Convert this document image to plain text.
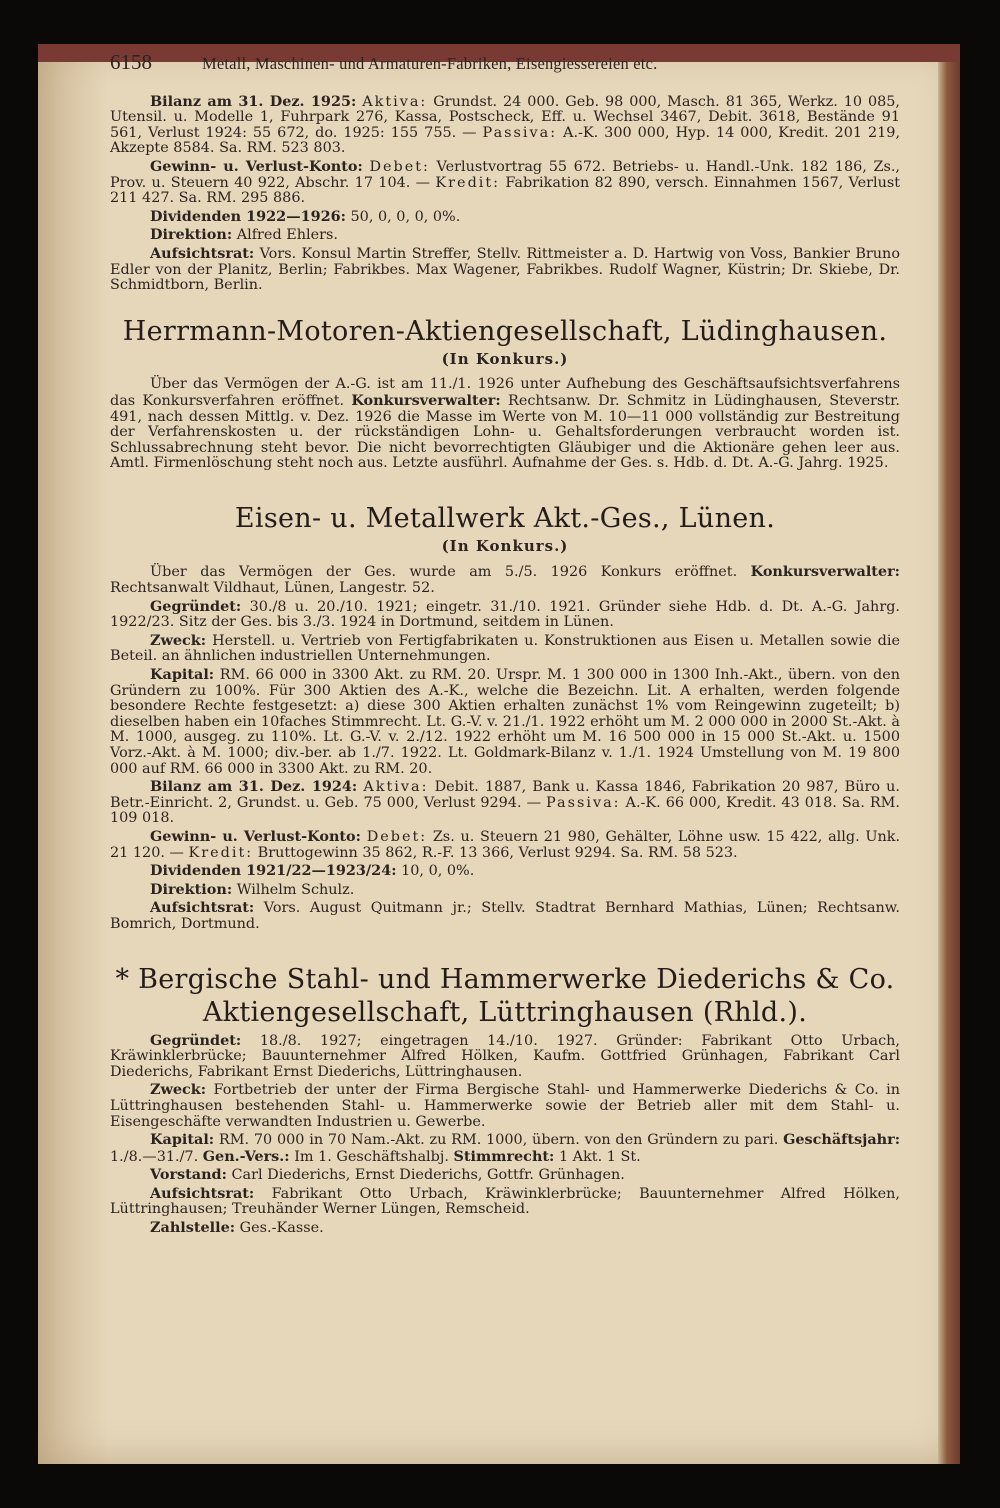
6158	Metall, Maschinen- und Armaturen-Fabriken, Eisengiessereien etc.

Bilanz am 31. Dez. 1925: Aktiva: Grundst. 24 000. Geb. 98 000, Masch. 81 365, Werkz. 10 085, Utensil. u. Modelle 1, Fuhrpark 276, Kassa, Postscheck, Eff. u. Wechsel 3467, Debit. 3618, Bestände 91 561, Verlust 1924: 55 672, do. 1925: 155 755. — Passiva: A.-K. 300 000, Hyp. 14 000, Kredit. 201 219, Akzepte 8584. Sa. RM. 523 803.

Gewinn- u. Verlust-Konto: Debet: Verlustvortrag 55 672. Betriebs- u. Handl.-Unk. 182 186, Zs., Prov. u. Steuern 40 922, Abschr. 17 104. — Kredit: Fabrikation 82 890, versch. Einnahmen 1567, Verlust 211 427. Sa. RM. 295 886.

Dividenden 1922—1926: 50, 0, 0, 0, 0%.

Direktion: Alfred Ehlers.

Aufsichtsrat: Vors. Konsul Martin Streffer, Stellv. Rittmeister a. D. Hartwig von Voss, Bankier Bruno Edler von der Planitz, Berlin; Fabrikbes. Max Wagener, Fabrikbes. Rudolf Wagner, Küstrin; Dr. Skiebe, Dr. Schmidtborn, Berlin.

Herrmann-Motoren-Aktiengesellschaft, Lüdinghausen.
(In Konkurs.)

Über das Vermögen der A.-G. ist am 11./1. 1926 unter Aufhebung des Geschäftsaufsichtsverfahrens das Konkursverfahren eröffnet. Konkursverwalter: Rechtsanw. Dr. Schmitz in Lüdinghausen, Steverstr. 491, nach dessen Mittlg. v. Dez. 1926 die Masse im Werte von M. 10—11 000 vollständig zur Bestreitung der Verfahrenskosten u. der rückständigen Lohn- u. Gehaltsforderungen verbraucht worden ist. Schlussabrechnung steht bevor. Die nicht bevorrechtigten Gläubiger und die Aktionäre gehen leer aus. Amtl. Firmenlöschung steht noch aus. Letzte ausführl. Aufnahme der Ges. s. Hdb. d. Dt. A.-G. Jahrg. 1925.

Eisen- u. Metallwerk Akt.-Ges., Lünen.
(In Konkurs.)

Über das Vermögen der Ges. wurde am 5./5. 1926 Konkurs eröffnet. Konkursverwalter: Rechtsanwalt Vildhaut, Lünen, Langestr. 52.

Gegründet: 30./8 u. 20./10. 1921; eingetr. 31./10. 1921. Gründer siehe Hdb. d. Dt. A.-G. Jahrg. 1922/23. Sitz der Ges. bis 3./3. 1924 in Dortmund, seitdem in Lünen.

Zweck: Herstell. u. Vertrieb von Fertigfabrikaten u. Konstruktionen aus Eisen u. Metallen sowie die Beteil. an ähnlichen industriellen Unternehmungen.

Kapital: RM. 66 000 in 3300 Akt. zu RM. 20. Urspr. M. 1 300 000 in 1300 Inh.-Akt., übern. von den Gründern zu 100%. Für 300 Aktien des A.-K., welche die Bezeichn. Lit. A erhalten, werden folgende besondere Rechte festgesetzt: a) diese 300 Aktien erhalten zunächst 1% vom Reingewinn zugeteilt; b) dieselben haben ein 10faches Stimmrecht. Lt. G.-V. v. 21./1. 1922 erhöht um M. 2 000 000 in 2000 St.-Akt. à M. 1000, ausgeg. zu 110%. Lt. G.-V. v. 2./12. 1922 erhöht um M. 16 500 000 in 15 000 St.-Akt. u. 1500 Vorz.-Akt. à M. 1000; div.-ber. ab 1./7. 1922. Lt. Goldmark-Bilanz v. 1./1. 1924 Umstellung von M. 19 800 000 auf RM. 66 000 in 3300 Akt. zu RM. 20.

Bilanz am 31. Dez. 1924: Aktiva: Debit. 1887, Bank u. Kassa 1846, Fabrikation 20 987, Büro u. Betr.-Einricht. 2, Grundst. u. Geb. 75 000, Verlust 9294. — Passiva: A.-K. 66 000, Kredit. 43 018. Sa. RM. 109 018.

Gewinn- u. Verlust-Konto: Debet: Zs. u. Steuern 21 980, Gehälter, Löhne usw. 15 422, allg. Unk. 21 120. — Kredit: Bruttogewinn 35 862, R.-F. 13 366, Verlust 9294. Sa. RM. 58 523.

Dividenden 1921/22—1923/24: 10, 0, 0%.

Direktion: Wilhelm Schulz.

Aufsichtsrat: Vors. August Quitmann jr.; Stellv. Stadtrat Bernhard Mathias, Lünen; Rechtsanw. Bomrich, Dortmund.

* Bergische Stahl- und Hammerwerke Diederichs & Co.
Aktiengesellschaft, Lüttringhausen (Rhld.).

Gegründet: 18./8. 1927; eingetragen 14./10. 1927. Gründer: Fabrikant Otto Urbach, Kräwinklerbrücke; Bauunternehmer Alfred Hölken, Kaufm. Gottfried Grünhagen, Fabrikant Carl Diederichs, Fabrikant Ernst Diederichs, Lüttringhausen.

Zweck: Fortbetrieb der unter der Firma Bergische Stahl- und Hammerwerke Diederichs & Co. in Lüttringhausen bestehenden Stahl- u. Hammerwerke sowie der Betrieb aller mit dem Stahl- u. Eisengeschäfte verwandten Industrien u. Gewerbe.

Kapital: RM. 70 000 in 70 Nam.-Akt. zu RM. 1000, übern. von den Gründern zu pari. Geschäftsjahr: 1./8.—31./7. Gen.-Vers.: Im 1. Geschäftshalbj. Stimmrecht: 1 Akt. 1 St.

Vorstand: Carl Diederichs, Ernst Diederichs, Gottfr. Grünhagen.

Aufsichtsrat: Fabrikant Otto Urbach, Kräwinklerbrücke; Bauunternehmer Alfred Hölken, Lüttringhausen; Treuhänder Werner Lüngen, Remscheid.

Zahlstelle: Ges.-Kasse.
